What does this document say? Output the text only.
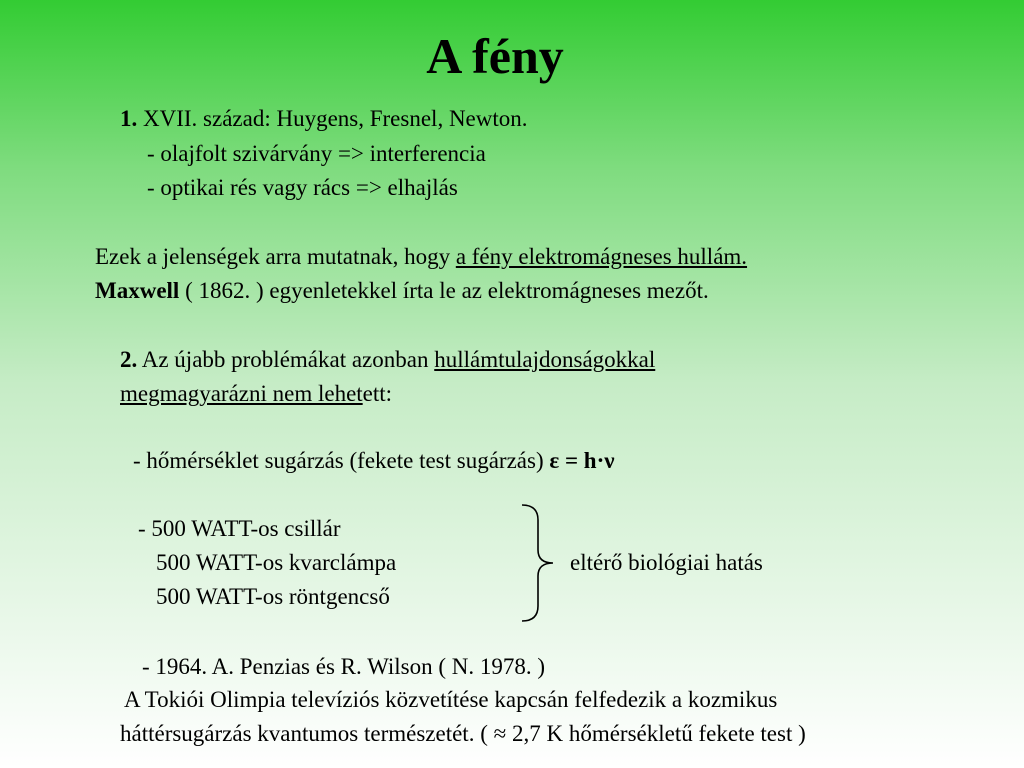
A fény
1. XVII. század: Huygens, Fresnel, Newton.
- olajfolt szivárvány => interferencia
- optikai rés vagy rács => elhajlás
Ezek a jelenségek arra mutatnak, hogy a fény elektromágneses hullám.
Maxwell ( 1862. ) egyenletekkel írta le az elektromágneses mezőt.
2. Az újabb problémákat azonban hullámtulajdonságokkal
megmagyarázni nem lehetett:
- hőmérséklet sugárzás (fekete test sugárzás) ε = h·ν
- 500 WATT-os csillár
500 WATT-os kvarclámpa
500 WATT-os röntgencső
eltérő biológiai hatás
- 1964. A. Penzias és R. Wilson ( N. 1978. )
A Tokiói Olimpia televíziós közvetítése kapcsán felfedezik a kozmikus
háttérsugárzás kvantumos természetét. ( ≈ 2,7 K hőmérsékletű fekete test )
